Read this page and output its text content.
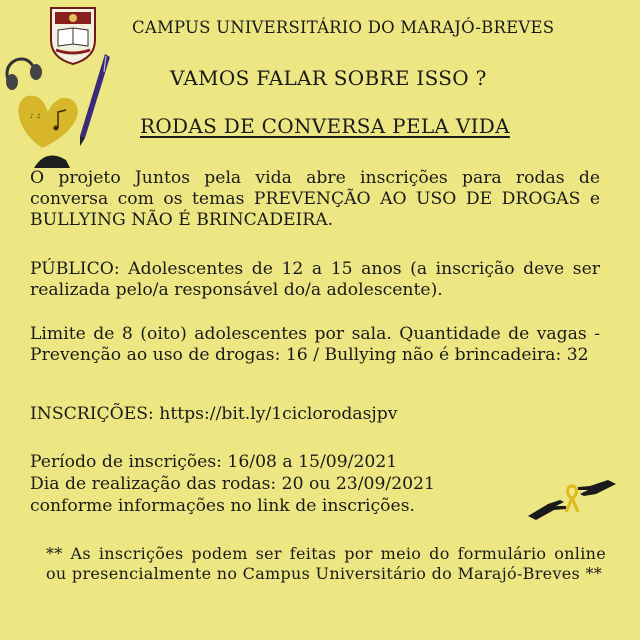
♪ ♫
CAMPUS UNIVERSITÁRIO DO MARAJÓ-BREVES
VAMOS FALAR SOBRE ISSO ?
RODAS DE CONVERSA PELA VIDA
O projeto Juntos pela vida abre inscrições para rodas de conversa com os temas PREVENÇÃO AO USO DE DROGAS e BULLYING NÃO É BRINCADEIRA.
PÚBLICO: Adolescentes de 12 a 15 anos (a inscrição deve ser realizada pelo/a responsável do/a adolescente).
Limite de 8 (oito) adolescentes por sala. Quantidade de vagas - Prevenção ao uso de drogas: 16 / Bullying não é brincadeira: 32
INSCRIÇÕES: https://bit.ly/1ciclorodasjpv
Período de inscrições: 16/08 a 15/09/2021
Dia de realização das rodas: 20 ou 23/09/2021
conforme informações no link de inscrições.
** As inscrições podem ser feitas por meio do formulário online ou presencialmente no Campus Universitário do Marajó-Breves **
